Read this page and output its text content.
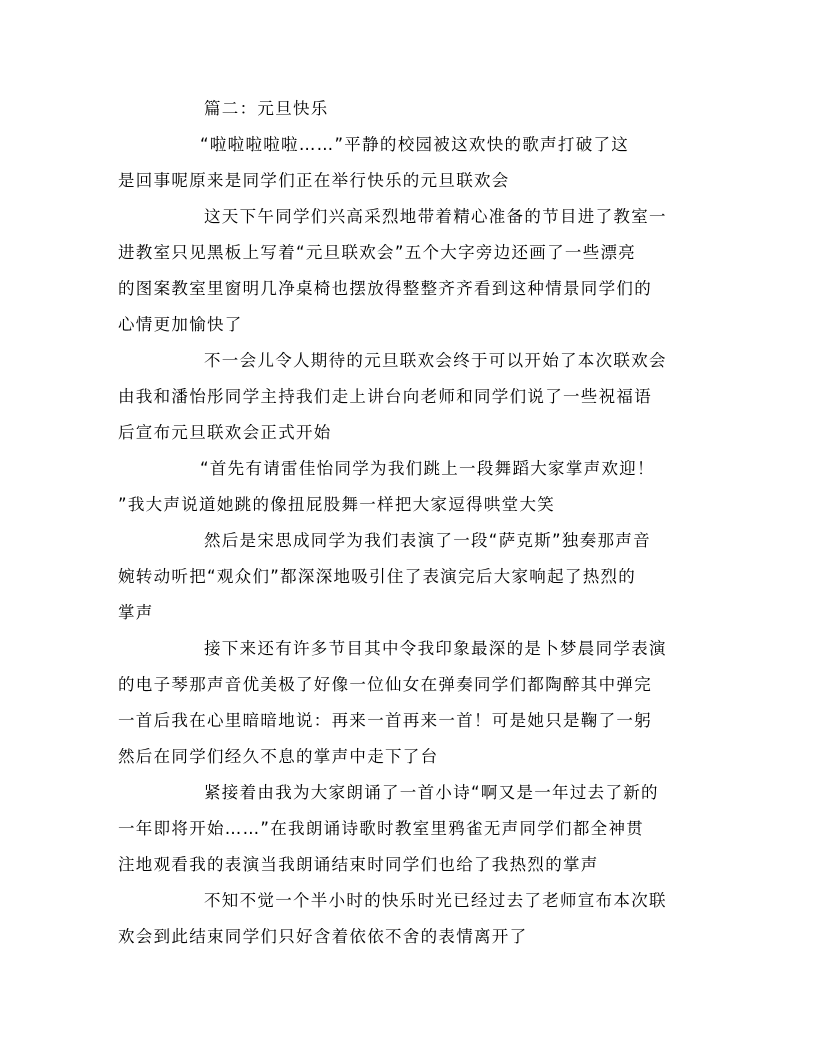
篇二：元旦快乐
“啦啦啦啦啦……”平静的校园被这欢快的歌声打破了这
是回事呢原来是同学们正在举行快乐的元旦联欢会
这天下午同学们兴高采烈地带着精心准备的节目进了教室一
进教室只见黑板上写着“元旦联欢会”五个大字旁边还画了一些漂亮
的图案教室里窗明几净桌椅也摆放得整整齐齐看到这种情景同学们的
心情更加愉快了
不一会儿令人期待的元旦联欢会终于可以开始了本次联欢会
由我和潘怡彤同学主持我们走上讲台向老师和同学们说了一些祝福语
后宣布元旦联欢会正式开始
“首先有请雷佳怡同学为我们跳上一段舞蹈大家掌声欢迎！
”我大声说道她跳的像扭屁股舞一样把大家逗得哄堂大笑
然后是宋思成同学为我们表演了一段“萨克斯”独奏那声音
婉转动听把“观众们”都深深地吸引住了表演完后大家响起了热烈的
掌声
接下来还有许多节目其中令我印象最深的是卜梦晨同学表演
的电子琴那声音优美极了好像一位仙女在弹奏同学们都陶醉其中弹完
一首后我在心里暗暗地说：再来一首再来一首！可是她只是鞠了一躬
然后在同学们经久不息的掌声中走下了台
紧接着由我为大家朗诵了一首小诗“啊又是一年过去了新的
一年即将开始……”在我朗诵诗歌时教室里鸦雀无声同学们都全神贯
注地观看我的表演当我朗诵结束时同学们也给了我热烈的掌声
不知不觉一个半小时的快乐时光已经过去了老师宣布本次联
欢会到此结束同学们只好含着依依不舍的表情离开了
